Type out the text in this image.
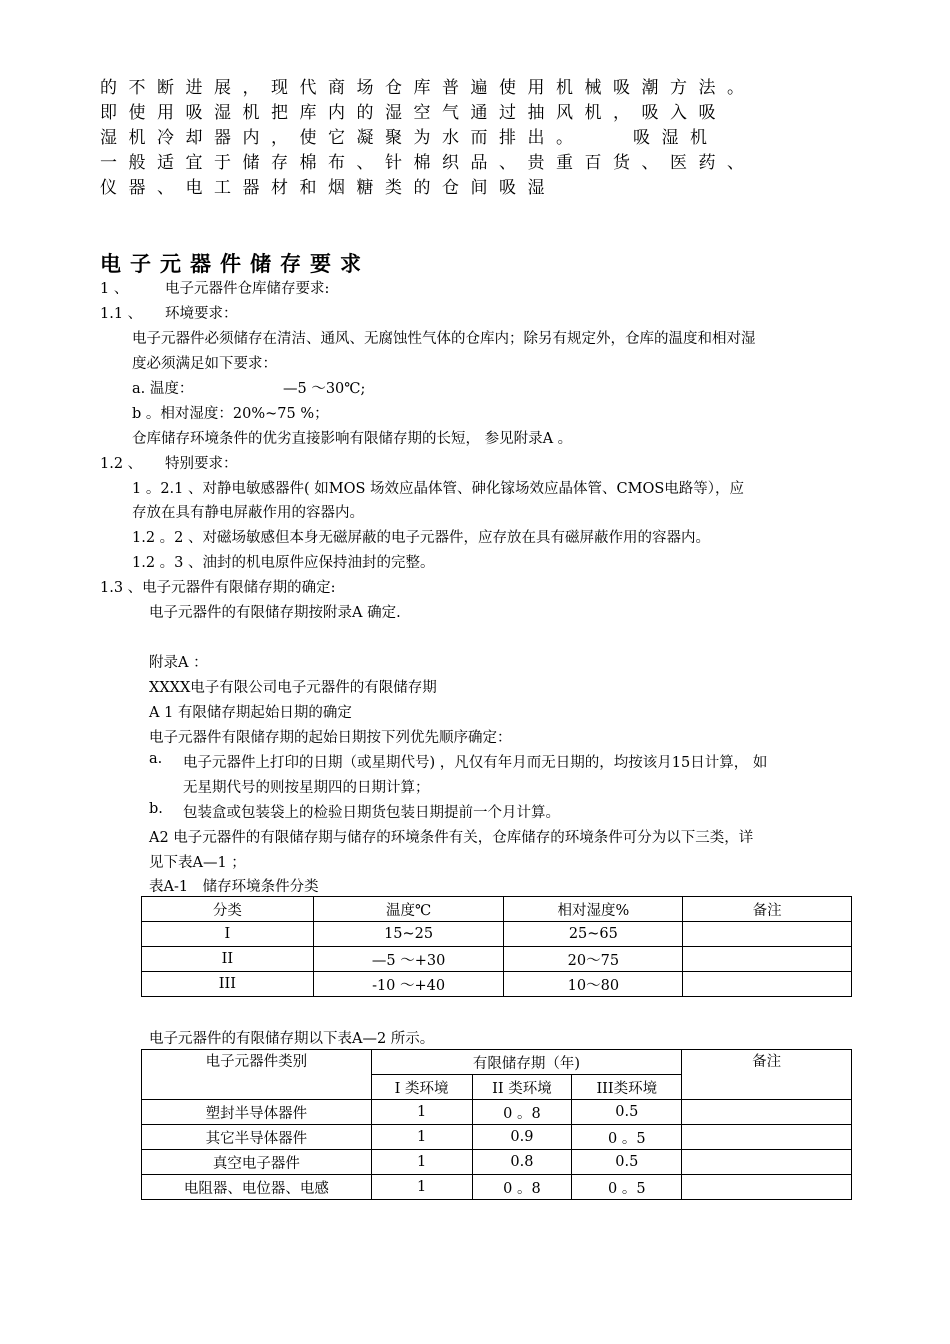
的不断进展，现代商场仓库普遍使用机械吸潮方法。
即使用吸湿机把库内的湿空气通过抽风机，吸入吸
湿机冷却器内，使它凝聚为水而排出。　　吸湿机
一般适宜于储存棉布、针棉织品、贵重百货、医药、
仪器、电工器材和烟糖类的仓间吸湿
电子元器件储存要求
1 、	电子元器件仓库储存要求:
1.1 、 环境要求：
电子元器件必须储存在清洁、通风、无腐蚀性气体的仓库内；除另有规定外，仓库的温度和相对湿
度必须满足如下要求：
a. 温度：	—5 ～30℃;
b 。相对湿度：20%~75 %；
仓库储存环境条件的优劣直接影响有限储存期的长短， 参见附录A 。
1.2 、 特别要求：
1 。2.1 、对静电敏感器件( 如MOS 场效应晶体管、砷化镓场效应晶体管、CMOS电路等），应
存放在具有静电屏蔽作用的容器内。
1.2 。2 、对磁场敏感但本身无磁屏蔽的电子元器件，应存放在具有磁屏蔽作用的容器内。
1.2 。3 、油封的机电原件应保持油封的完整。
1.3 、电子元器件有限储存期的确定:
电子元器件的有限储存期按附录A 确定.
附录A ：
XXXX电子有限公司电子元器件的有限储存期
A 1 有限储存期起始日期的确定
电子元器件有限储存期的起始日期按下列优先顺序确定：
a. 电子元器件上打印的日期（或星期代号) ，凡仅有年月而无日期的，均按该月15日计算， 如
无星期代号的则按星期四的日期计算；
b. 包装盒或包装袋上的检验日期货包装日期提前一个月计算。
A2 电子元器件的有限储存期与储存的环境条件有关，仓库储存的环境条件可分为以下三类，详
见下表A—1 ；
表A-1　储存环境条件分类
分类	温度℃	相对湿度%	备注
I	15~25	25~65	
II	—5 ～+30	20～75	
III	-10 ～+40	10～80	
电子元器件的有限储存期以下表A—2 所示。
电子元器件类别	有限储存期（年)			备注
	I 类环境	II 类环境	III类环境	
塑封半导体器件	1	0 。8	0.5	
其它半导体器件	1	0.9	0 。5	
真空电子器件	1	0.8	0.5	
电阻器、电位器、电感	1	0 。8	0 。5	
